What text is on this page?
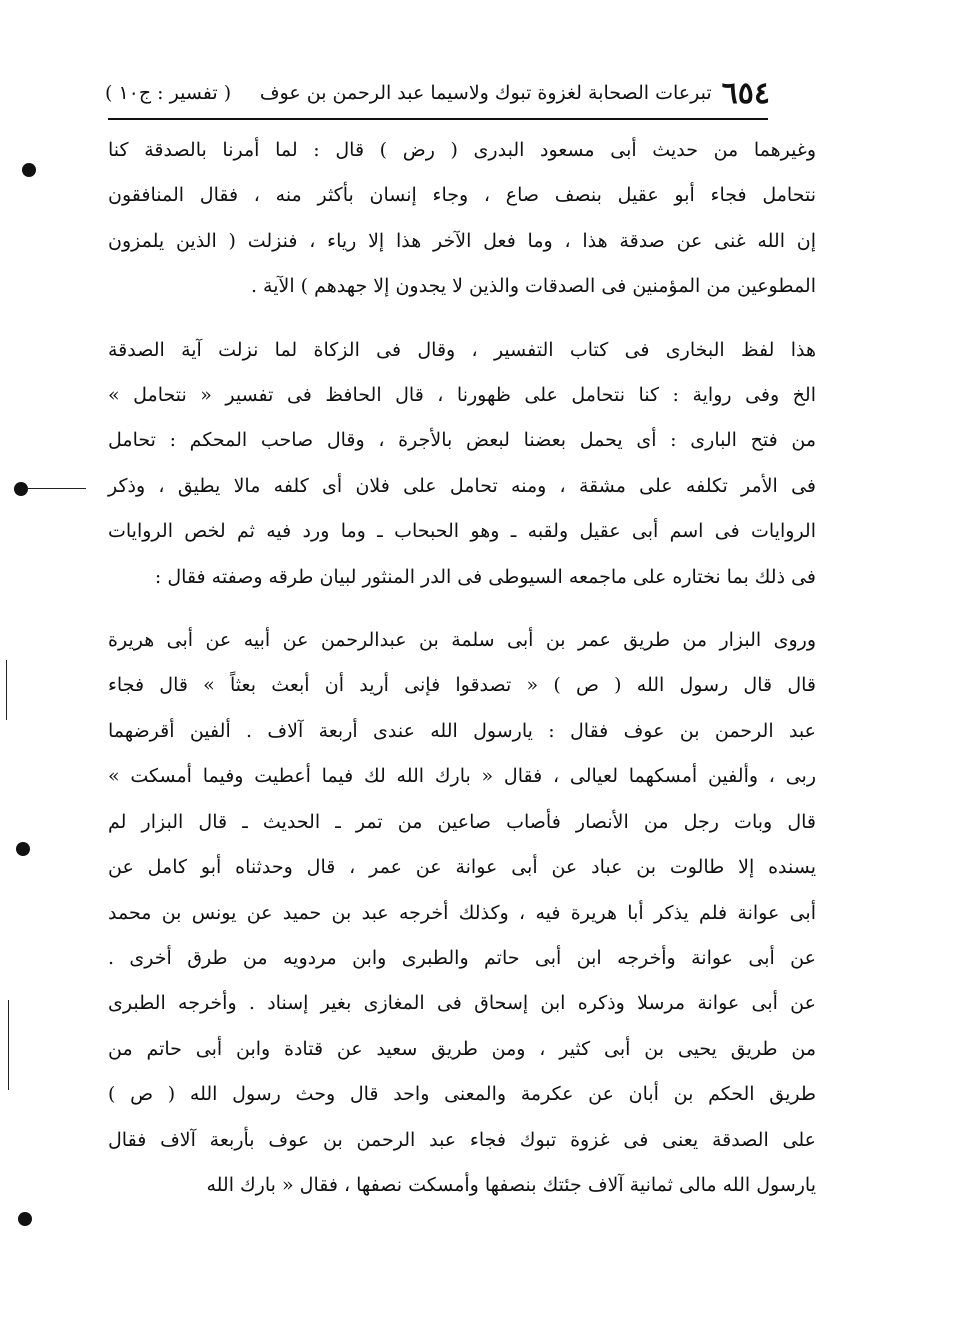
٦٥٤
تبرعات الصحابة لغزوة تبوك ولاسيما عبد الرحمن بن عوف
( تفسير : ج١٠ )

وغيرهما من حديث أبى مسعود البدرى ( رض ) قال : لما أمرنا بالصدقة كنا
نتحامل فجاء أبو عقيل بنصف صاع ، وجاء إنسان بأكثر منه ، فقال المنافقون
إن الله غنى عن صدقة هذا ، وما فعل الآخر هذا إلا رياء ، فنزلت ( الذين يلمزون
المطوعين من المؤمنين فى الصدقات والذين لا يجدون إلا جهدهم ) الآية .

هذا لفظ البخارى فى كتاب التفسير ، وقال فى الزكاة لما نزلت آية الصدقة
الخ وفى رواية : كنا نتحامل على ظهورنا ، قال الحافظ فى تفسير « نتحامل »
من فتح البارى : أى يحمل بعضنا لبعض بالأجرة ، وقال صاحب المحكم : تحامل
فى الأمر تكلفه على مشقة ، ومنه تحامل على فلان أى كلفه مالا يطيق ، وذكر
الروايات فى اسم أبى عقيل ولقبه ـ وهو الحبحاب ـ وما ورد فيه ثم لخص الروايات
فى ذلك بما نختاره على ماجمعه السيوطى فى الدر المنثور لبيان طرقه وصفته فقال :

وروى البزار من طريق عمر بن أبى سلمة بن عبدالرحمن عن أبيه عن أبى هريرة
قال قال رسول الله ( ص ) « تصدقوا فإنى أريد أن أبعث بعثاً » قال فجاء
عبد الرحمن بن عوف فقال : يارسول الله عندى أربعة آلاف . ألفين أقرضهما
ربى ، وألفين أمسكهما لعيالى ، فقال « بارك الله لك فيما أعطيت وفيما أمسكت »
قال وبات رجل من الأنصار فأصاب صاعين من تمر ـ الحديث ـ قال البزار لم
يسنده إلا طالوت بن عباد عن أبى عوانة عن عمر ، قال وحدثناه أبو كامل عن
أبى عوانة فلم يذكر أبا هريرة فيه ، وكذلك أخرجه عبد بن حميد عن يونس بن محمد
عن أبى عوانة وأخرجه ابن أبى حاتم والطبرى وابن مردويه من طرق أخرى .
عن أبى عوانة مرسلا وذكره ابن إسحاق فى المغازى بغير إسناد . وأخرجه الطبرى
من طريق يحيى بن أبى كثير ، ومن طريق سعيد عن قتادة وابن أبى حاتم من
طريق الحكم بن أبان عن عكرمة والمعنى واحد قال وحث رسول الله ( ص )
على الصدقة يعنى فى غزوة تبوك فجاء عبد الرحمن بن عوف بأربعة آلاف فقال
يارسول الله مالى ثمانية آلاف جئتك بنصفها وأمسكت نصفها ، فقال « بارك الله
